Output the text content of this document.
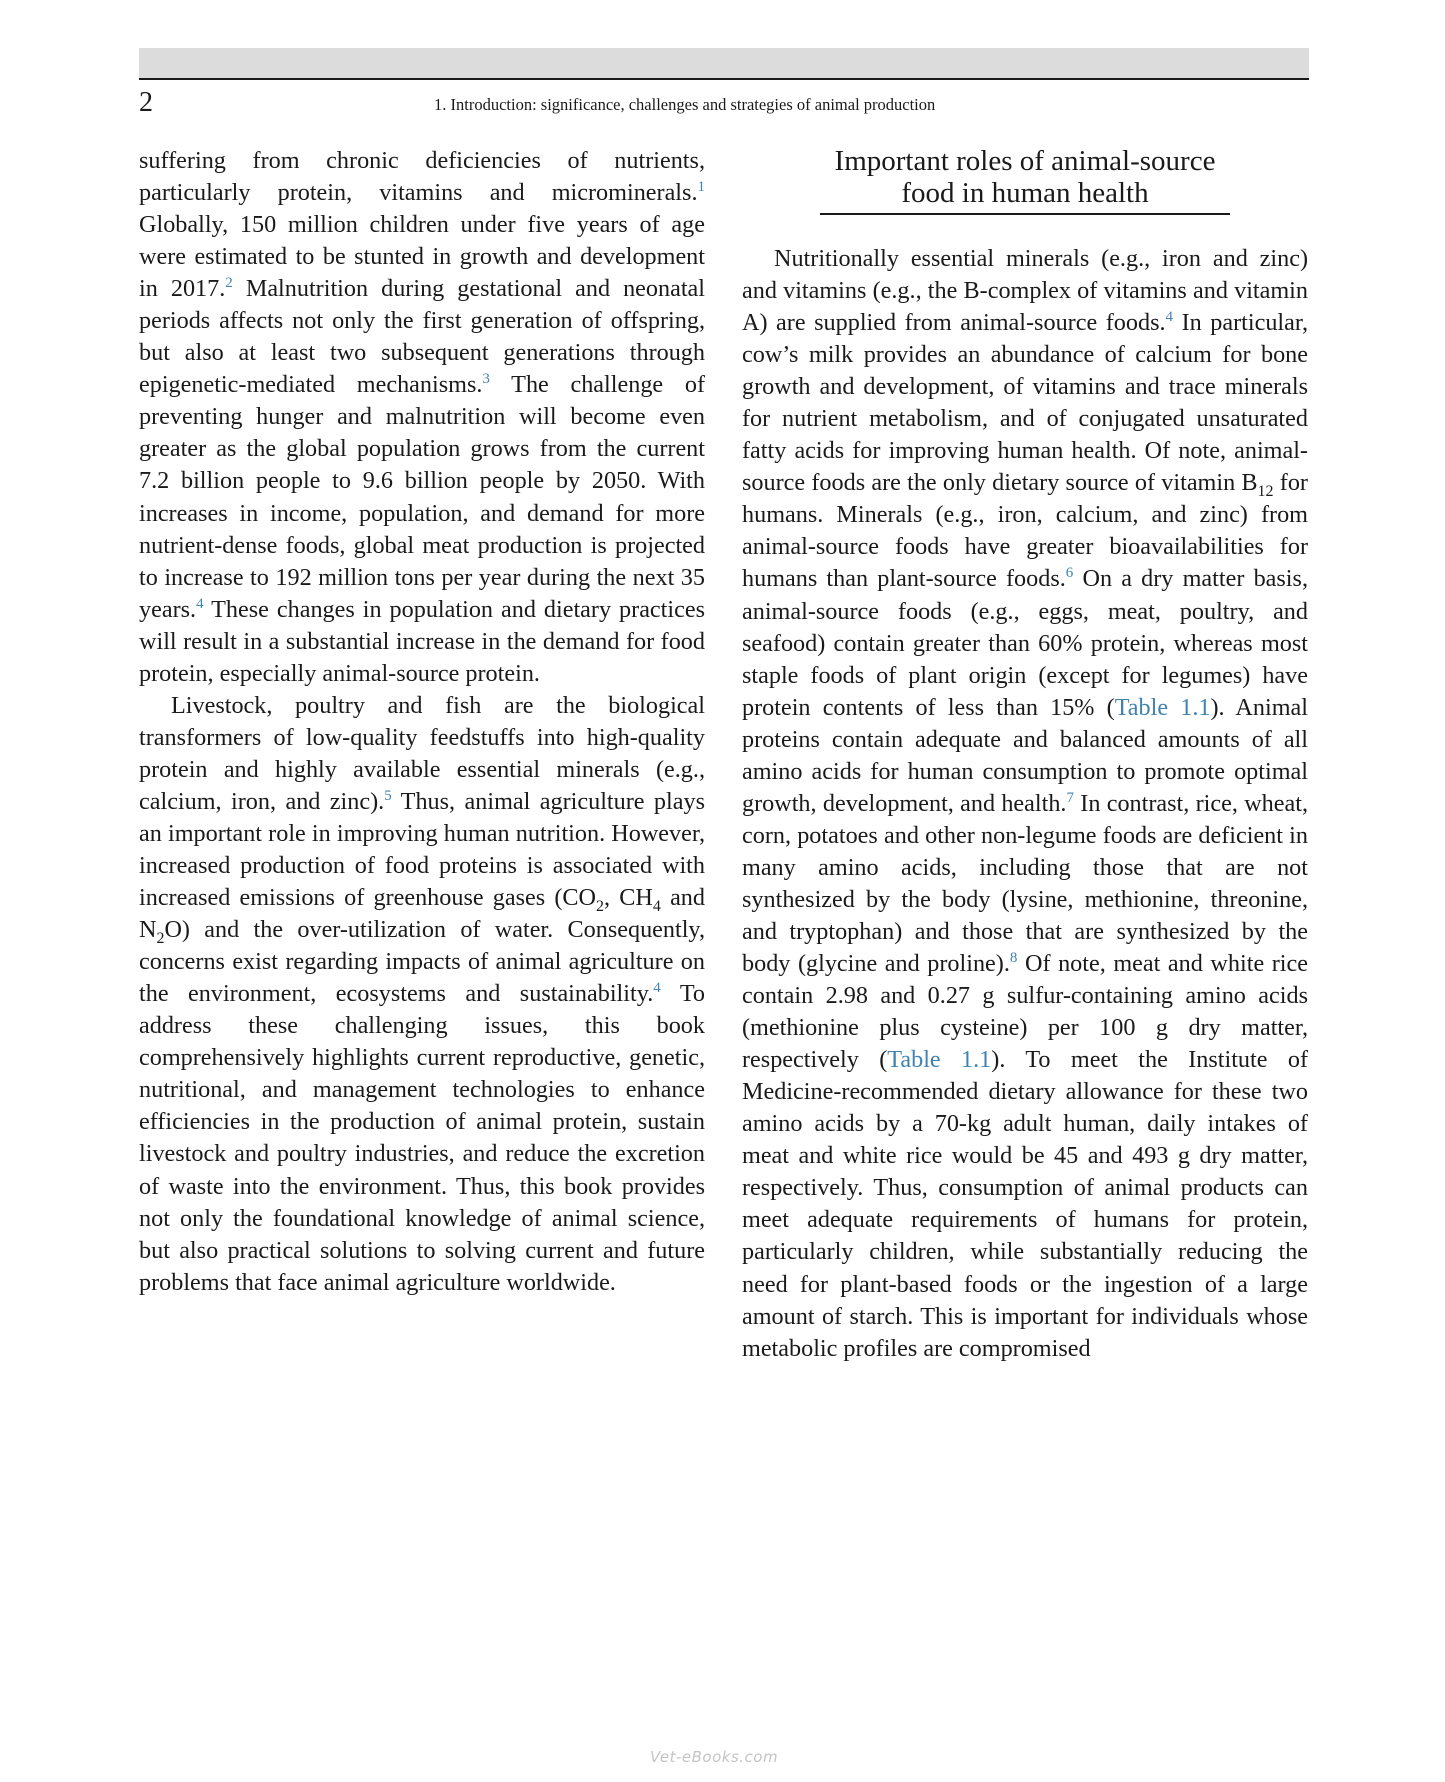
2	1. Introduction: significance, challenges and strategies of animal production

suffering from chronic deficiencies of nutrients, particularly protein, vitamins and microminerals.$^1$ Globally, 150 million children under five years of age were estimated to be stunted in growth and development in 2017.$^2$ Malnutrition during gestational and neonatal periods affects not only the first generation of offspring, but also at least two subsequent generations through epigenetic-mediated mechanisms.$^3$ The challenge of preventing hunger and malnutrition will become even greater as the global population grows from the current 7.2 billion people to 9.6 billion people by 2050. With increases in income, population, and demand for more nutrient-dense foods, global meat production is projected to increase to 192 million tons per year during the next 35 years.$^4$ These changes in population and dietary practices will result in a substantial increase in the demand for food protein, especially animal-source protein.

Livestock, poultry and fish are the biological transformers of low-quality feedstuffs into high-quality protein and highly available essential minerals (e.g., calcium, iron, and zinc).$^5$ Thus, animal agriculture plays an important role in improving human nutrition. However, increased production of food proteins is associated with increased emissions of greenhouse gases ($CO_2$, $CH_4$ and $N_2O$) and the over-utilization of water. Consequently, concerns exist regarding impacts of animal agriculture on the environment, ecosystems and sustainability.$^4$ To address these challenging issues, this book comprehensively highlights current reproductive, genetic, nutritional, and management technologies to enhance efficiencies in the production of animal protein, sustain livestock and poultry industries, and reduce the excretion of waste into the environment. Thus, this book provides not only the foundational knowledge of animal science, but also practical solutions to solving current and future problems that face animal agriculture worldwide.

Important roles of animal-source food in human health

Nutritionally essential minerals (e.g., iron and zinc) and vitamins (e.g., the B-complex of vitamins and vitamin A) are supplied from animal-source foods.$^4$ In particular, cow’s milk provides an abundance of calcium for bone growth and development, of vitamins and trace minerals for nutrient metabolism, and of conjugated unsaturated fatty acids for improving human health. Of note, animal-source foods are the only dietary source of vitamin $B_{12}$ for humans. Minerals (e.g., iron, calcium, and zinc) from animal-source foods have greater bioavailabilities for humans than plant-source foods.$^6$ On a dry matter basis, animal-source foods (e.g., eggs, meat, poultry, and seafood) contain greater than 60% protein, whereas most staple foods of plant origin (except for legumes) have protein contents of less than 15% (Table 1.1). Animal proteins contain adequate and balanced amounts of all amino acids for human consumption to promote optimal growth, development, and health.$^7$ In contrast, rice, wheat, corn, potatoes and other non-legume foods are deficient in many amino acids, including those that are not synthesized by the body (lysine, methionine, threonine, and tryptophan) and those that are synthesized by the body (glycine and proline).$^8$ Of note, meat and white rice contain 2.98 and 0.27 g sulfur-containing amino acids (methionine plus cysteine) per 100 g dry matter, respectively (Table 1.1). To meet the Institute of Medicine-recommended dietary allowance for these two amino acids by a 70-kg adult human, daily intakes of meat and white rice would be 45 and 493 g dry matter, respectively. Thus, consumption of animal products can meet adequate requirements of humans for protein, particularly children, while substantially reducing the need for plant-based foods or the ingestion of a large amount of starch. This is important for individuals whose metabolic profiles are compromised

Vet-eBooks.com
